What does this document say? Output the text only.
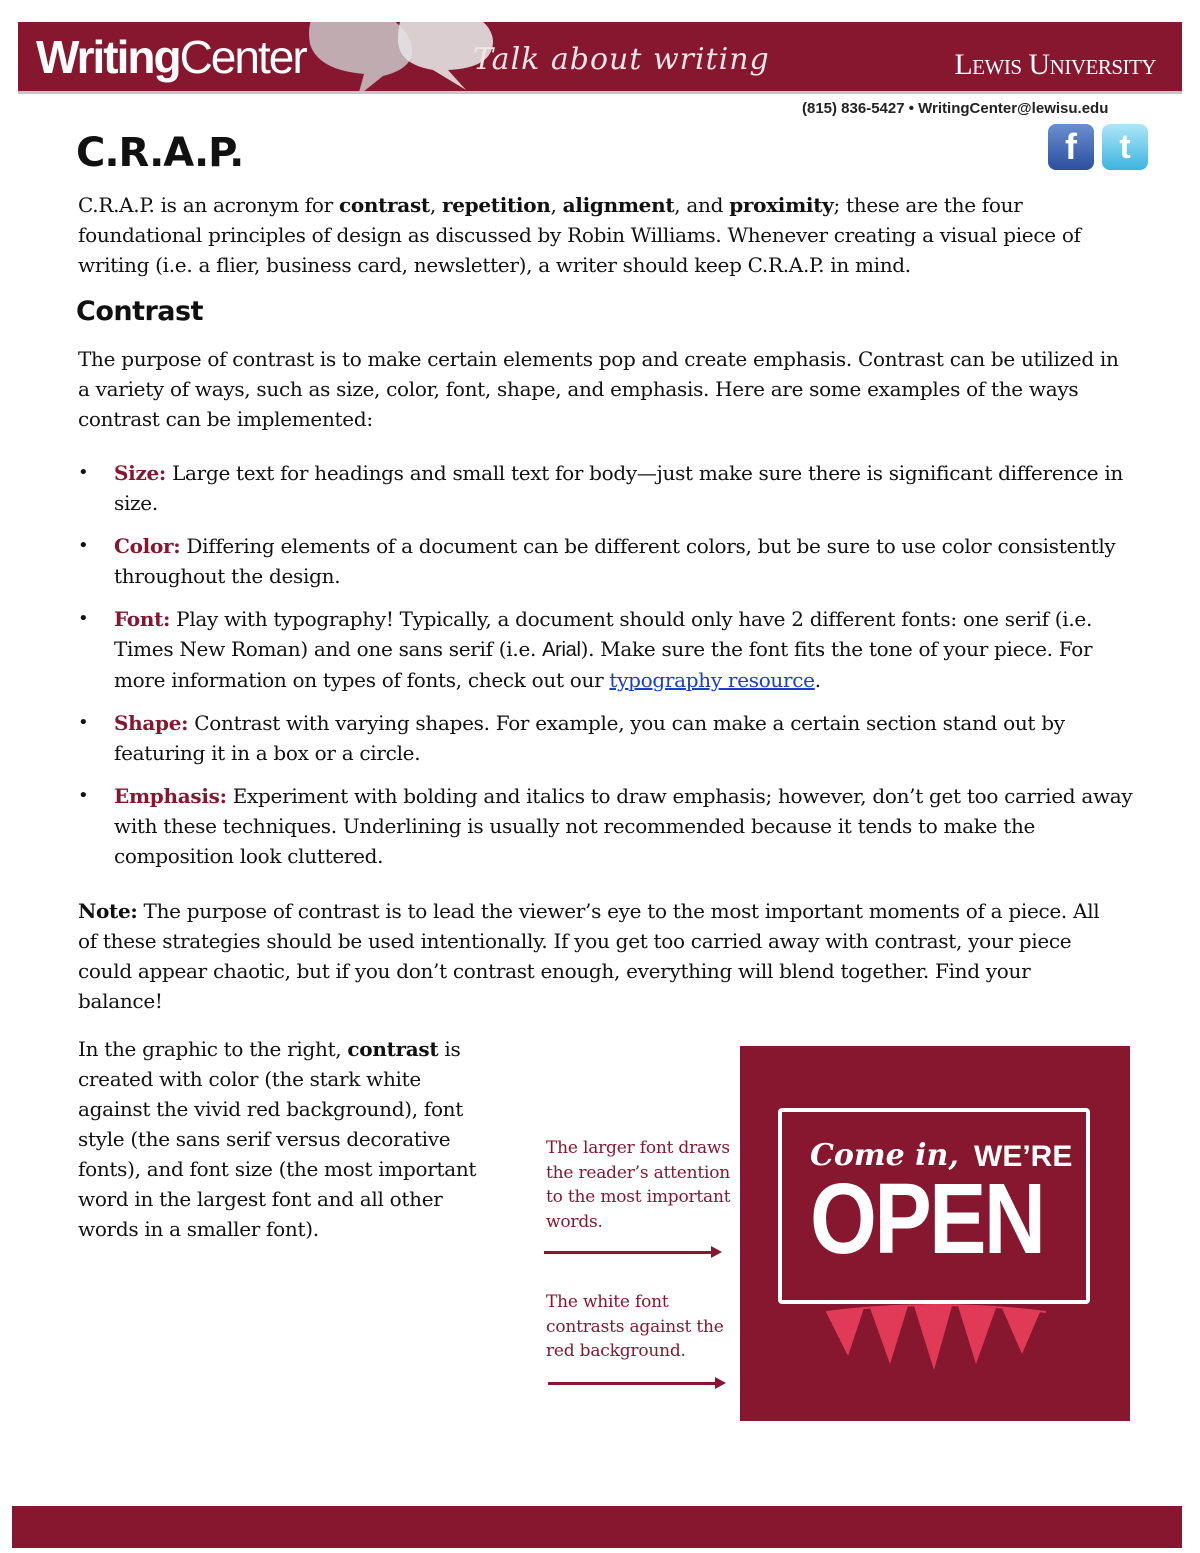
WritingCenter	Talk about writing	Lewis University
(815) 836-5427 • WritingCenter@lewisu.edu
f t
C.R.A.P.

C.R.A.P. is an acronym for contrast, repetition, alignment, and proximity; these are the four foundational principles of design as discussed by Robin Williams. Whenever creating a visual piece of writing (i.e. a flier, business card, newsletter), a writer should keep C.R.A.P. in mind.

Contrast

The purpose of contrast is to make certain elements pop and create emphasis. Contrast can be utilized in a variety of ways, such as size, color, font, shape, and emphasis. Here are some examples of the ways contrast can be implemented:

• Size: Large text for headings and small text for body—just make sure there is significant difference in size.
• Color: Differing elements of a document can be different colors, but be sure to use color consistently throughout the design.
• Font: Play with typography! Typically, a document should only have 2 different fonts: one serif (i.e. Times New Roman) and one sans serif (i.e. Arial). Make sure the font fits the tone of your piece. For more information on types of fonts, check out our typography resource.
• Shape: Contrast with varying shapes. For example, you can make a certain section stand out by featuring it in a box or a circle.
• Emphasis: Experiment with bolding and italics to draw emphasis; however, don’t get too carried away with these techniques. Underlining is usually not recommended because it tends to make the composition look cluttered.

Note: The purpose of contrast is to lead the viewer’s eye to the most important moments of a piece. All of these strategies should be used intentionally. If you get too carried away with contrast, your piece could appear chaotic, but if you don’t contrast enough, everything will blend together. Find your balance!

In the graphic to the right, contrast is created with color (the stark white against the vivid red background), font style (the sans serif versus decorative fonts), and font size (the most important word in the largest font and all other words in a smaller font).

The larger font draws the reader’s attention to the most important words.
The white font contrasts against the red background.
Come in, WE’RE
OPEN
